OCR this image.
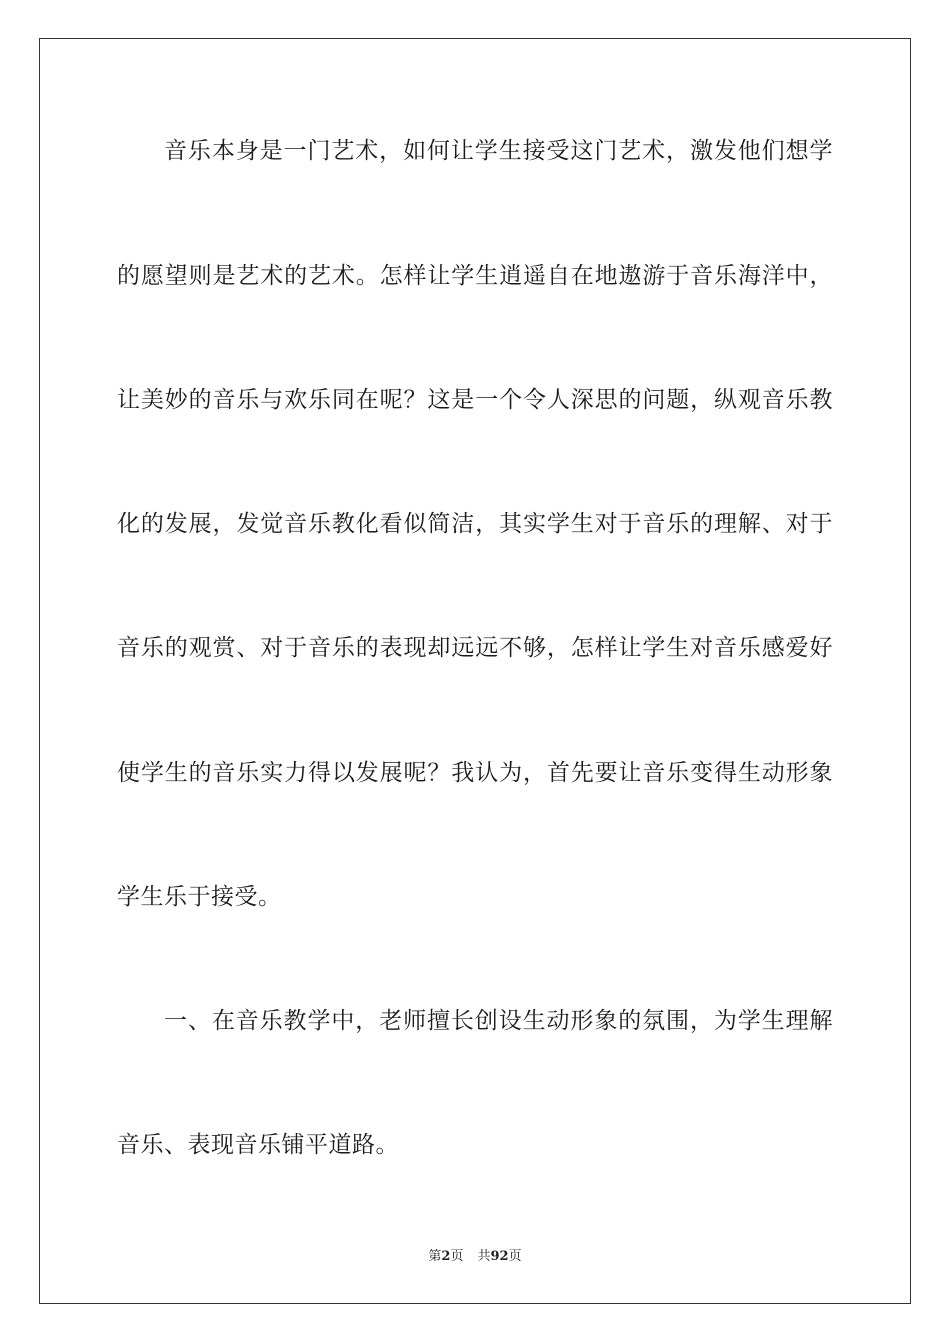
音乐本身是一门艺术，如何让学生接受这门艺术，激发他们想学
的愿望则是艺术的艺术。怎样让学生逍遥自在地遨游于音乐海洋中，
让美妙的音乐与欢乐同在呢？这是一个令人深思的问题，纵观音乐教
化的发展，发觉音乐教化看似简洁，其实学生对于音乐的理解、对于
音乐的观赏、对于音乐的表现却远远不够，怎样让学生对音乐感爱好
使学生的音乐实力得以发展呢？我认为，首先要让音乐变得生动形象
学生乐于接受。
一、在音乐教学中，老师擅长创设生动形象的氛围，为学生理解
音乐、表现音乐铺平道路。
第2页 共92页
